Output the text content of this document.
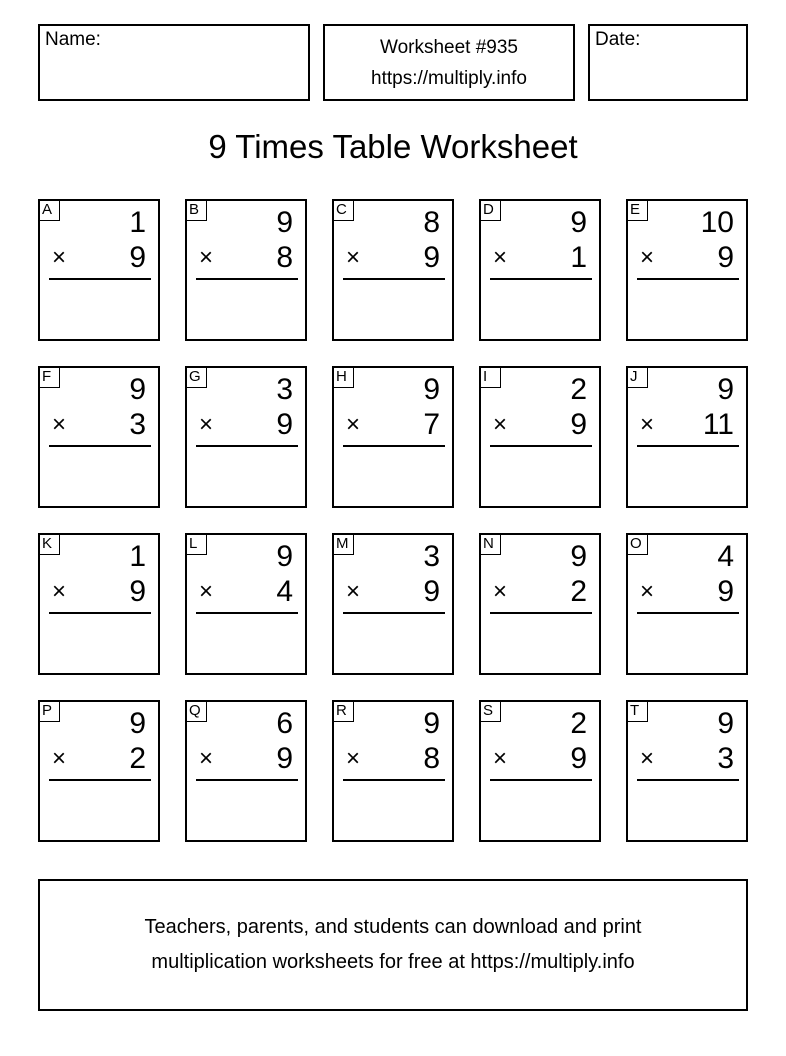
Name:	Worksheet #935
https://multiply.info
Date:
9 Times Table Worksheet
A	1
× 9
B	9
× 8
C	8
× 9
D	9
× 1
E 10
× 9
F	9
× 3
G	3
× 9
H	9
× 7
I	2
× 9
J	9
× 11
K	1
× 9
L	9
× 4
M 3
× 9
N	9
× 2
O	4
× 9
P	9
× 2
Q	6
× 9
R	9
× 8
S	2
× 9
T	9
× 3
Teachers, parents, and students can download and print
multiplication worksheets for free at https://multiply.info
